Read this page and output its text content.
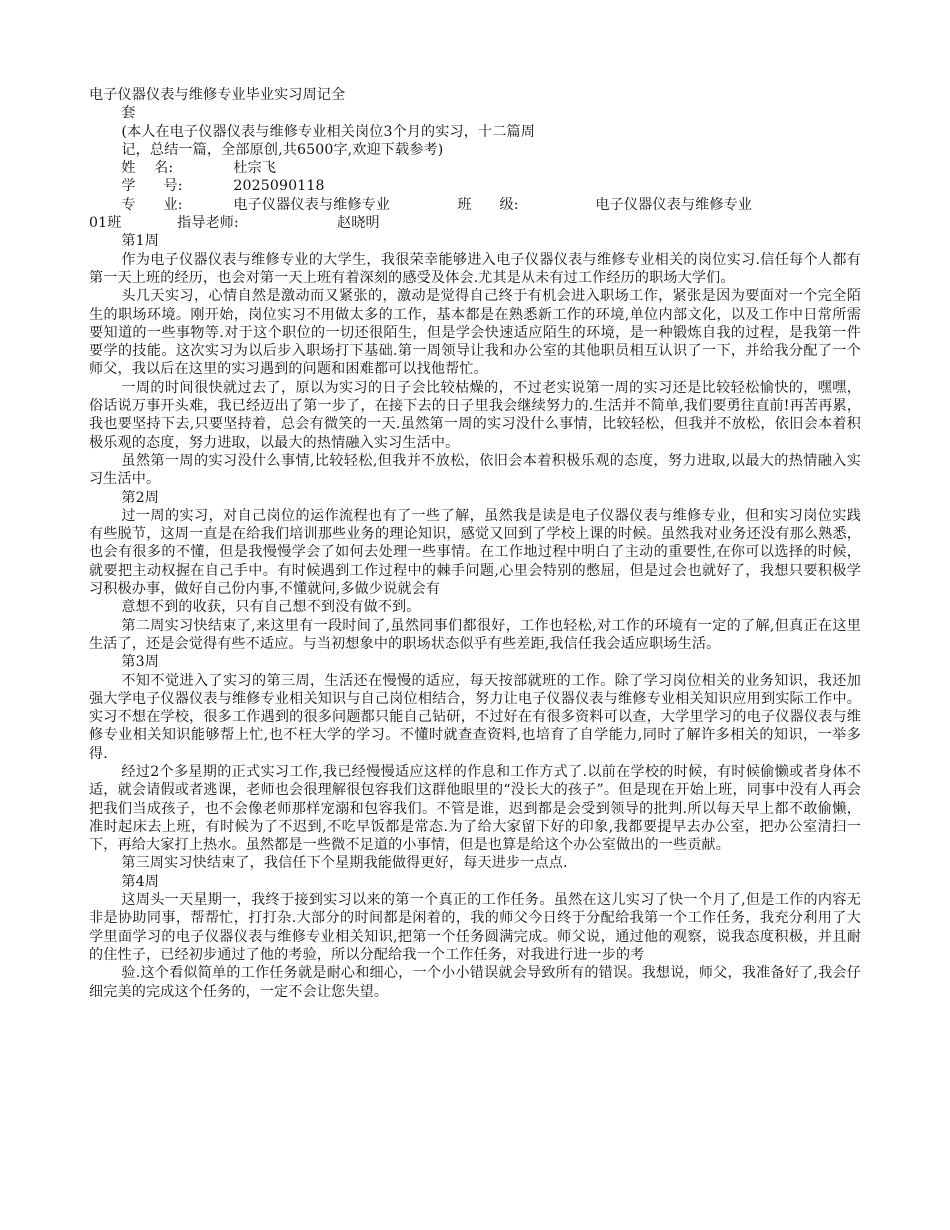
电子仪器仪表与维修专业毕业实习周记全
套
(本人在电子仪器仪表与维修专业相关岗位3个月的实习，十二篇周
记，总结一篇，全部原创,共6500字,欢迎下载参考)
姓    名:	杜宗飞
学      号:	2025090118
专      业:	电子仪器仪表与维修专业	班      级:	电子仪器仪表与维修专业
01班	指导老师:	赵晓明
第1周

作为电子仪器仪表与维修专业的大学生，我很荣幸能够进入电子仪器仪表与维修专业相关的岗位实习.信任每个人都有第一天上班的经历，也会对第一天上班有着深刻的感受及体会.尤其是从未有过工作经历的职场大学们。

头几天实习，心情自然是激动而又紧张的，激动是觉得自己终于有机会进入职场工作，紧张是因为要面对一个完全陌生的职场环境。刚开始，岗位实习不用做太多的工作，基本都是在熟悉新工作的环境,单位内部文化，以及工作中日常所需要知道的一些事物等.对于这个职位的一切还很陌生，但是学会快速适应陌生的环境，是一种锻炼自我的过程，是我第一件要学的技能。这次实习为以后步入职场打下基础.第一周领导让我和办公室的其他职员相互认识了一下，并给我分配了一个师父，我以后在这里的实习遇到的问题和困难都可以找他帮忙。

一周的时间很快就过去了，原以为实习的日子会比较枯燥的，不过老实说第一周的实习还是比较轻松愉快的，嘿嘿，俗话说万事开头难，我已经迈出了第一步了，在接下去的日子里我会继续努力的.生活并不简单,我们要勇往直前!再苦再累，我也要坚持下去,只要坚持着，总会有微笑的一天.虽然第一周的实习没什么事情，比较轻松，但我并不放松，依旧会本着积极乐观的态度，努力进取，以最大的热情融入实习生活中。

虽然第一周的实习没什么事情,比较轻松,但我并不放松，依旧会本着积极乐观的态度，努力进取,以最大的热情融入实习生活中。

第2周

过一周的实习，对自己岗位的运作流程也有了一些了解，虽然我是读是电子仪器仪表与维修专业，但和实习岗位实践有些脱节，这周一直是在给我们培训那些业务的理论知识，感觉又回到了学校上课的时候。虽然我对业务还没有那么熟悉，也会有很多的不懂，但是我慢慢学会了如何去处理一些事情。在工作地过程中明白了主动的重要性,在你可以选择的时候，就要把主动权握在自己手中。有时候遇到工作过程中的棘手问题,心里会特别的憋屈，但是过会也就好了，我想只要积极学习积极办事，做好自己份内事,不懂就问,多做少说就会有

意想不到的收获，只有自己想不到没有做不到。

第二周实习快结束了,来这里有一段时间了,虽然同事们都很好，工作也轻松,对工作的环境有一定的了解,但真正在这里生活了，还是会觉得有些不适应。与当初想象中的职场状态似乎有些差距,我信任我会适应职场生活。

第3周

不知不觉进入了实习的第三周，生活还在慢慢的适应，每天按部就班的工作。除了学习岗位相关的业务知识，我还加强大学电子仪器仪表与维修专业相关知识与自己岗位相结合，努力让电子仪器仪表与维修专业相关知识应用到实际工作中。实习不想在学校，很多工作遇到的很多问题都只能自己钻研，不过好在有很多资料可以查，大学里学习的电子仪器仪表与维修专业相关知识能够帮上忙,也不枉大学的学习。不懂时就查查资料,也培育了自学能力,同时了解许多相关的知识，一举多得.

经过2个多星期的正式实习工作,我已经慢慢适应这样的作息和工作方式了.以前在学校的时候，有时候偷懒或者身体不适，就会请假或者逃课，老师也会很理解很包容我们这群他眼里的“没长大的孩子”。但是现在开始上班，同事中没有人再会把我们当成孩子，也不会像老师那样宠溺和包容我们。不管是谁，迟到都是会受到领导的批判.所以每天早上都不敢偷懒，准时起床去上班，有时候为了不迟到,不吃早饭都是常态.为了给大家留下好的印象,我都要提早去办公室，把办公室清扫一下，再给大家打上热水。虽然都是一些微不足道的小事情，但是也算是给这个办公室做出的一些贡献。

第三周实习快结束了，我信任下个星期我能做得更好，每天进步一点点.

第4周

这周头一天星期一，我终于接到实习以来的第一个真正的工作任务。虽然在这儿实习了快一个月了,但是工作的内容无非是协助同事，帮帮忙，打打杂.大部分的时间都是闲着的，我的师父今日终于分配给我第一个工作任务，我充分利用了大学里面学习的电子仪器仪表与维修专业相关知识,把第一个任务圆满完成。师父说，通过他的观察，说我态度积极，并且耐的住性子，已经初步通过了他的考验，所以分配给我一个工作任务，对我进行进一步的考

验.这个看似简单的工作任务就是耐心和细心，一个小小错误就会导致所有的错误。我想说，师父，我准备好了,我会仔细完美的完成这个任务的，一定不会让您失望。
